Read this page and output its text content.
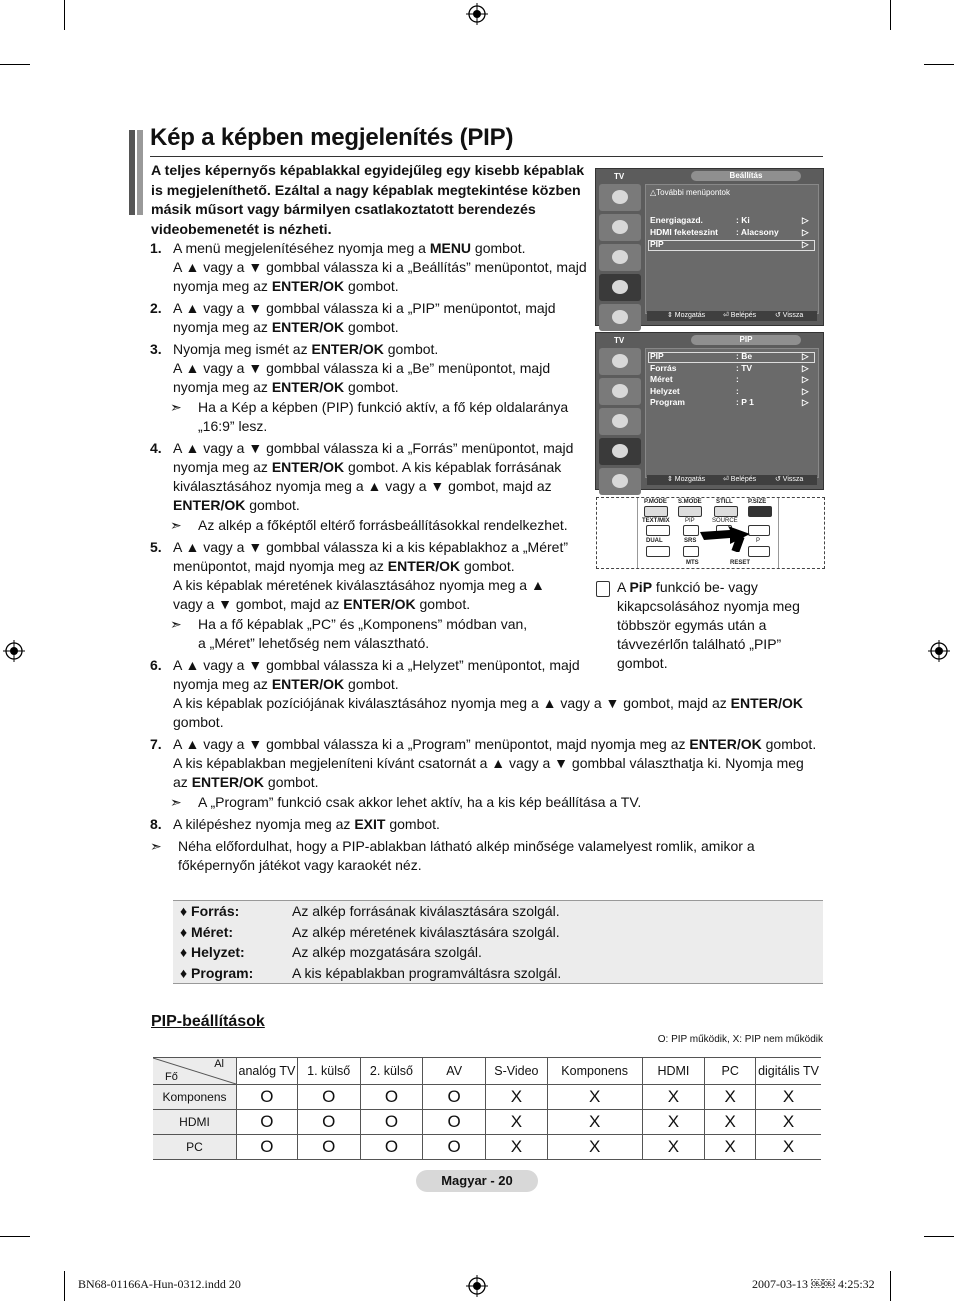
Kép a képben megjelenítés (PIP)
A teljes képernyős képablakkal egyidejűleg egy kisebb képablak is megjeleníthető. Ezáltal a nagy képablak megtekintése közben másik műsort vagy bármilyen csatlakoztatott berendezés videobemenetét is nézheti.
1. A menü megjelenítéséhez nyomja meg a MENU gombot.

A ▲ vagy a ▼ gombbal válassza ki a „Beállítás” menüpontot, majd nyomja meg az ENTER/OK gombot.

2. A ▲ vagy a ▼ gombbal válassza ki a „PIP” menüpontot, majd nyomja meg az ENTER/OK gombot.

3. Nyomja meg ismét az ENTER/OK gombot.

A ▲ vagy a ▼ gombbal válassza ki a „Be” menüpontot, majd nyomja meg az ENTER/OK gombot.

➣ Ha a Kép a képben (PIP) funkció aktív, a fő kép oldalaránya „16:9” lesz.
4. A ▲ vagy a ▼ gombbal válassza ki a „Forrás” menüpontot, majd nyomja meg az ENTER/OK gombot. A kis képablak forrásának kiválasztásához nyomja meg a ▲ vagy a ▼ gombot, majd az ENTER/OK gombot.

➣ Az alkép a főképtől eltérő forrásbeállításokkal rendelkezhet.
5. A ▲ vagy a ▼ gombbal válassza ki a kis képablakhoz a „Méret” menüpontot, majd nyomja meg az ENTER/OK gombot.

A kis képablak méretének kiválasztásához nyomja meg a ▲ vagy a ▼ gombot, majd az ENTER/OK gombot.

➣ Ha a fő képablak „PC” és „Komponens” módban van, a „Méret” lehetőség nem választható.
6. A ▲ vagy a ▼ gombbal válassza ki a „Helyzet” menüpontot, majd nyomja meg az ENTER/OK gombot.

A kis képablak pozíciójának kiválasztásához nyomja meg a ▲ vagy a ▼ gombot, majd az ENTER/OK gombot.

7. A ▲ vagy a ▼ gombbal válassza ki a „Program” menüpontot, majd nyomja meg az ENTER/OK gombot.

A kis képablakban megjeleníteni kívánt csatornát a ▲ vagy a ▼ gombbal választhatja ki. Nyomja meg az ENTER/OK gombot.

➣ A „Program” funkció csak akkor lehet aktív, ha a kis kép beállítása a TV.
8. A kilépéshez nyomja meg az EXIT gombot.

➣ Néha előfordulhat, hogy a PIP-ablakban látható alkép minősége valamelyest romlik, amikor a főképernyőn játékot vagy karaokét néz.
TV	Beállítás
△További menüpontok
Energiagazd.	: Ki	▷
HDMI feketeszint : Alacsony	▷
PIP	▷
⇕ Mozgatás	⏎ Belépés	↺ Vissza
TV	PIP
PIP	: Be	▷
Forrás	: TV	▷
Méret	:	▷
Helyzet	:	▷
Program	: P 1	▷
⇕ Mozgatás	⏎ Belépés	↺ Vissza
P.MODE S.MODE STILL	P.SIZE
TEXT/MIX	PIP	SOURCE
DUAL	SRS	P
MTS	RESET
A PiP funkció be- vagy kikapcsolásához nyomja meg többször egymás után a távvezérlőn található „PIP” gombot.
♦ Forrás:	Az alkép forrásának kiválasztására szolgál.
♦ Méret:	Az alkép méretének kiválasztására szolgál.
♦ Helyzet:	Az alkép mozgatására szolgál.
♦ Program:	A kis képablakban programváltásra szolgál.
PIP-beállítások
O: PIP működik, X: PIP nem működik
Al
Fő	analóg TV	1. külső	2. külső	AV	S-Video	Komponens	HDMI	PC	digitális TV
Komponens	O	O	O	O	X	X	X	X	X
HDMI	O	O	O	O	X	X	X	X	X
PC	O	O	O	O	X	X	X	X	X
Magyar - 20
BN68-01166A-Hun-0312.indd 20	2007-03-13 ￼￼ 4:25:32
